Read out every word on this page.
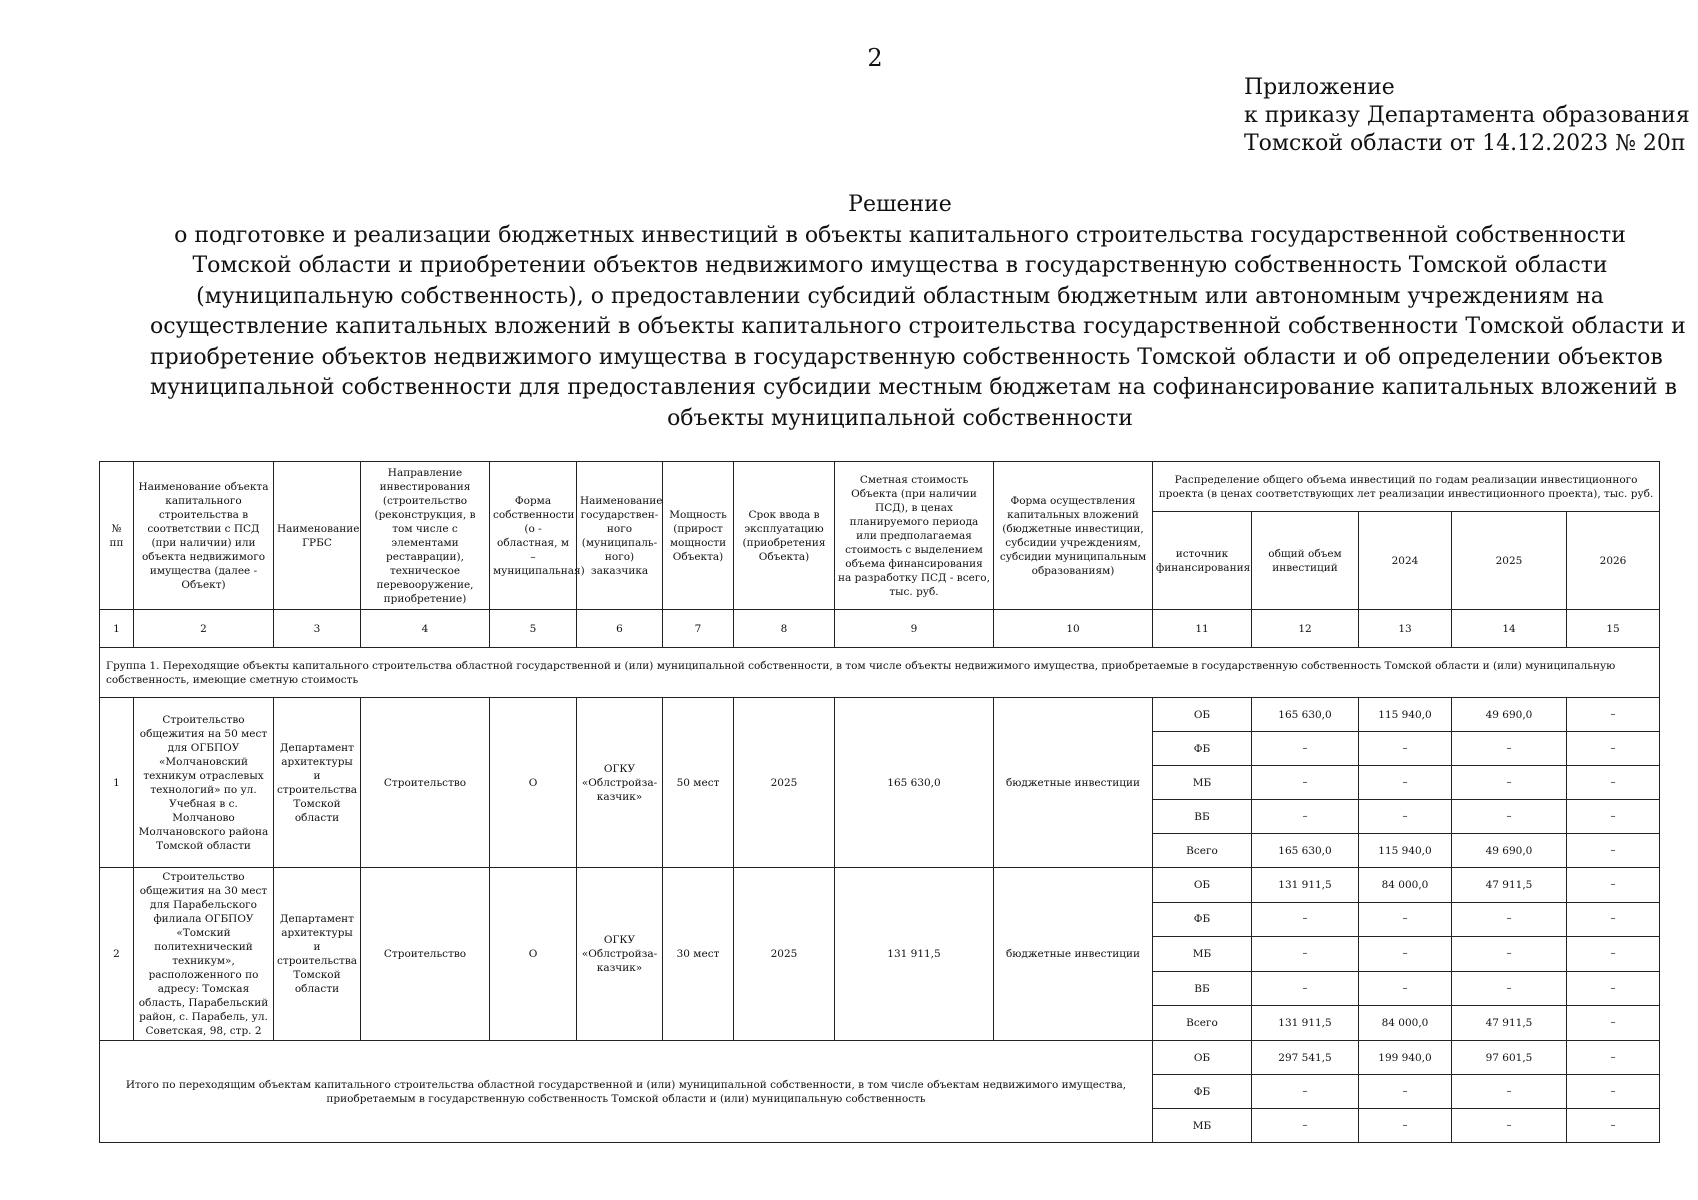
2
Приложение
к приказу Департамента образования
Томской области от 14.12.2023 № 20п
Решение
о подготовке и реализации бюджетных инвестиций в объекты капитального строительства государственной собственности
Томской области и приобретении объектов недвижимого имущества в государственную собственность Томской области
(муниципальную собственность), о предоставлении субсидий областным бюджетным или автономным учреждениям на
осуществление капитальных вложений в объекты капитального строительства государственной собственности Томской области и
приобретение объектов недвижимого имущества в государственную собственность Томской области и об определении объектов
муниципальной собственности для предоставления субсидии местным бюджетам на софинансирование капитальных вложений в
объекты муниципальной собственности
№ пп	Наименование объекта капитального строительства в соответствии с ПСД (при наличии) или объекта недвижимого имущества (далее - Объект)	Наименование ГРБС	Направление инвестирования (строительство (реконструкция, в том числе с элементами реставрации), техническое перевооружение, приобретение)	Форма собственности (о - областная, м – муниципальная)	Наименование государствен-ного (муниципаль-ного) заказчика	Мощность (прирост мощности Объекта)	Срок ввода в эксплуатацию (приобретения Объекта)	Сметная стоимость Объекта (при наличии ПСД), в ценах планируемого периода или предполагаемая стоимость с выделением объема финансирования на разработку ПСД - всего, тыс. руб.	Форма осуществления капитальных вложений (бюджетные инвестиции, субсидии учреждениям, субсидии муниципальным образованиям)	Распределение общего объема инвестиций по годам реализации инвестиционного проекта (в ценах соответствующих лет реализации инвестиционного проекта), тыс. руб.				
										источник финансирования	общий объем инвестиций	2024	2025	2026
1	2	3	4	5	6	7	8	9	10	11	12	13	14	15
Группа 1. Переходящие объекты капитального строительства областной государственной и (или) муниципальной собственности, в том числе объекты недвижимого имущества, приобретаемые в государственную собственность Томской области и (или) муниципальную собственность, имеющие сметную стоимость														
1	Строительство общежития на 50 мест для ОГБПОУ «Молчановский техникум отраслевых технологий» по ул. Учебная в с. Молчаново Молчановского района Томской области	Департамент архитектуры и строительства Томской области	Строительство	О	ОГКУ «Облстройза-казчик»	50 мест	2025	165 630,0	бюджетные инвестиции	ОБ	165 630,0	115 940,0	49 690,0	–
										ФБ	–	–	–	–
										МБ	–	–	–	–
										ВБ	–	–	–	–
										Всего	165 630,0	115 940,0	49 690,0	–
2	Строительство общежития на 30 мест для Парабельского филиала ОГБПОУ «Томский политехнический техникум», расположенного по адресу: Томская область, Парабельский район, с. Парабель, ул. Советская, 98, стр. 2	Департамент архитектуры и строительства Томской области	Строительство	О	ОГКУ «Облстройза-казчик»	30 мест	2025	131 911,5	бюджетные инвестиции	ОБ	131 911,5	84 000,0	47 911,5	–
										ФБ	–	–	–	–
										МБ	–	–	–	–
										ВБ	–	–	–	–
										Всего	131 911,5	84 000,0	47 911,5	–
Итого по переходящим объектам капитального строительства областной государственной и (или) муниципальной собственности, в том числе объектам недвижимого имущества, приобретаемым в государственную собственность Томской области и (или) муниципальную собственность										ОБ	297 541,5	199 940,0	97 601,5	–
										ФБ	–	–	–	–
										МБ	–	–	–	–
